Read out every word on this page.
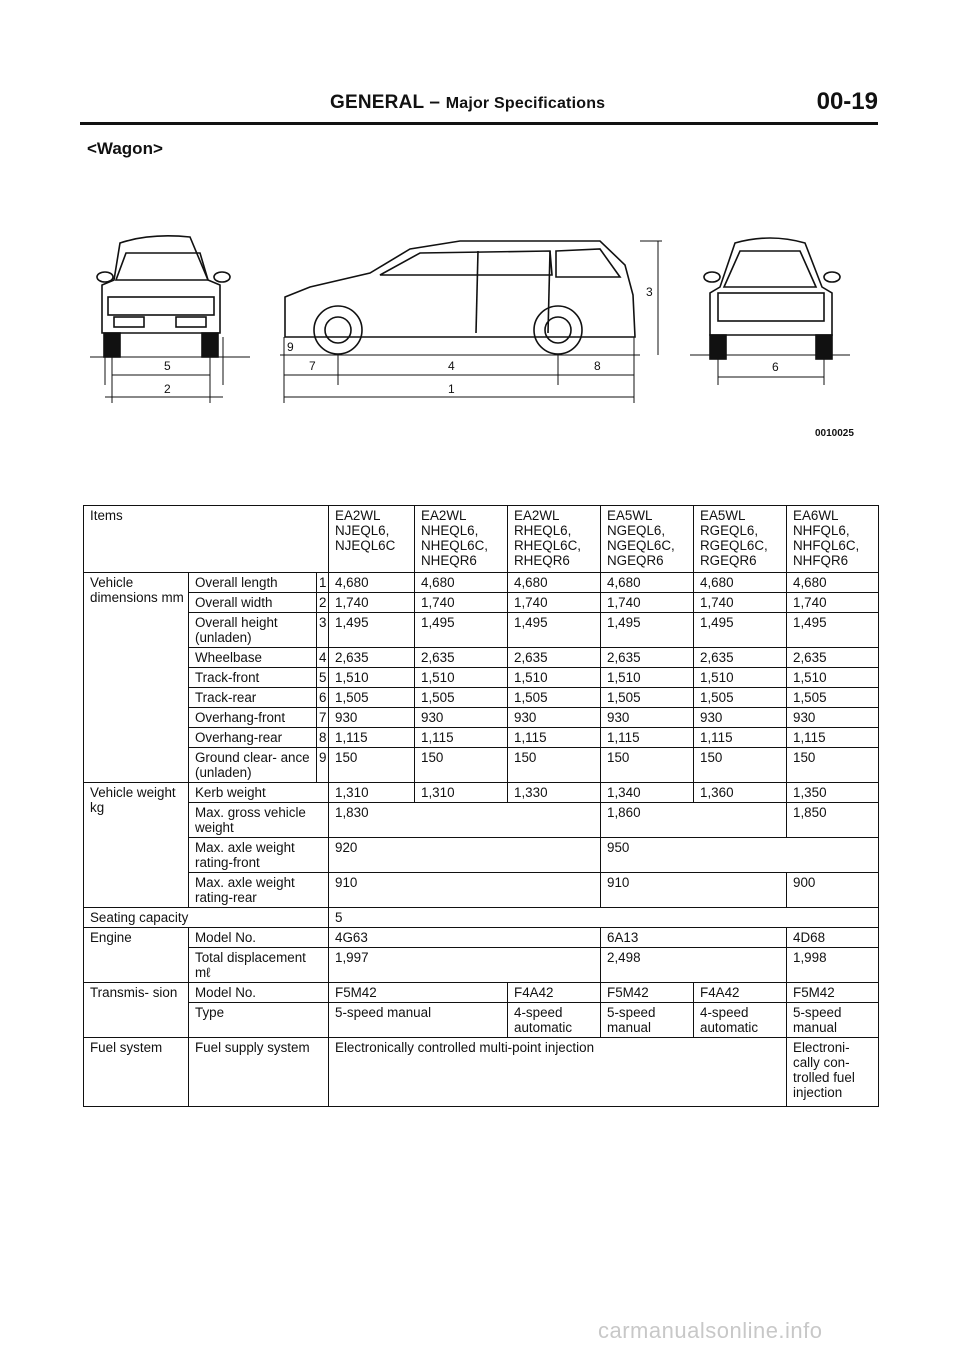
GENERAL – Major Specifications	00-19
<Wagon>
5
2
9
7	4	8
1
3
6
0010025
Items			EA2WL NJEQL6, NJEQL6C	EA2WL NHEQL6, NHEQL6C, NHEQR6	EA2WL RHEQL6, RHEQL6C, RHEQR6	EA5WL NGEQL6, NGEQL6C, NGEQR6	EA5WL RGEQL6, RGEQL6C, RGEQR6	EA6WL NHFQL6, NHFQL6C, NHFQR6
Vehicle dimensions mm	Overall length	1	4,680	4,680	4,680	4,680	4,680	4,680
	Overall width	2	1,740	1,740	1,740	1,740	1,740	1,740
	Overall height (unladen)	3	1,495	1,495	1,495	1,495	1,495	1,495
	Wheelbase	4	2,635	2,635	2,635	2,635	2,635	2,635
	Track-front	5	1,510	1,510	1,510	1,510	1,510	1,510
	Track-rear	6	1,505	1,505	1,505	1,505	1,505	1,505
	Overhang-front	7	930	930	930	930	930	930
	Overhang-rear	8	1,115	1,115	1,115	1,115	1,115	1,115
	Ground clear- ance (unladen)	9	150	150	150	150	150	150
Vehicle weight kg	Kerb weight		1,310	1,310	1,330	1,340	1,360	1,350
	Max. gross vehicle weight		1,830			1,860		1,850
	Max. axle weight rating-front		920			950		
	Max. axle weight rating-rear		910			910		900
Seating capacity			5					
Engine	Model No.		4G63			6A13		4D68
	Total displacement mℓ		1,997			2,498		1,998
Transmis- sion	Model No.		F5M42		F4A42	F5M42	F4A42	F5M42
	Type		5-speed manual		4-speed automatic	5-speed manual	4-speed automatic	5-speed manual
Fuel system	Fuel supply system		Electronically controlled multi-point injection					Electroni- cally con- trolled fuel injection
carmanualsonline.info
